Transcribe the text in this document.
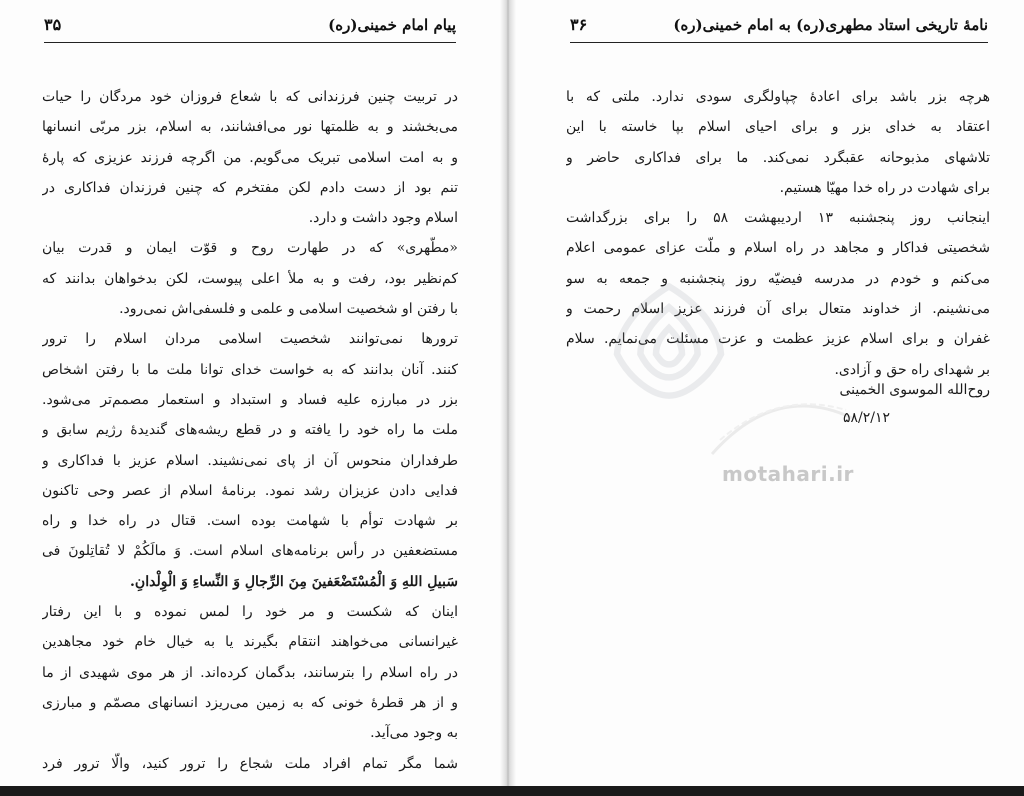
پیام امام خمینی(ره)
۳۵
در تربیت چنین فرزندانی که با شعاع فروزان خود مردگان را حیات
می‌بخشند و به ظلمتها نور می‌افشانند، به اسلام، بزر مربّی انسانها
و به امت اسلامی تبریک می‌گویم. من اگرچه فرزند عزیزی که پارهٔ
تنم بود از دست دادم لکن مفتخرم که چنین فرزندان فداکاری در
اسلام وجود داشت و دارد.
«مطّهری» که در طهارت روح و قوّت ایمان و قدرت بیان
کم‌نظیر بود، رفت و به ملأ اعلی پیوست، لکن بدخواهان بدانند که
با رفتن او شخصیت اسلامی و علمی و فلسفی‌اش نمی‌رود.
ترورها نمی‌توانند شخصیت اسلامی مردان اسلام را ترور
کنند. آنان بدانند که به خواست خدای توانا ملت ما با رفتن اشخاص
بزر در مبارزه علیه فساد و استبداد و استعمار مصمم‌تر می‌شود.
ملت ما راه خود را یافته و در قطع ریشه‌های گندیدهٔ رژیم سابق و
طرفداران منحوس آن از پای نمی‌نشیند. اسلام عزیز با فداکاری و
فدایی دادن عزیزان رشد نمود. برنامهٔ اسلام از عصر وحی تاکنون
بر شهادت توأم با شهامت بوده است. قتال در راه خدا و راه
مستضعفین در رأس برنامه‌های اسلام است. وَ مالَکُمْ لا تُقاتِلونَ فی
سَبیلِ اللهِ وَ الْمُسْتَضْعَفینَ مِنَ الرِّجالِ وَ النِّساءِ وَ الْوِلْدانِ.
اینان که شکست و مر خود را لمس نموده و با این رفتار
غیرانسانی می‌خواهند انتقام بگیرند یا به خیال خام خود مجاهدین
در راه اسلام را بترسانند، بدگمان کرده‌اند. از هر موی شهیدی از ما
و از هر قطرهٔ خونی که به زمین می‌ریزد انسانهای مصمّم و مبارزی
به وجود می‌آید.
شما مگر تمام افراد ملت شجاع را ترور کنید، والّا ترور فرد
نامهٔ تاریخی استاد مطهری(ره) به امام خمینی(ره)
۳۶
هرچه بزر باشد برای اعادهٔ چپاولگری سودی ندارد. ملتی که با
اعتقاد به خدای بزر و برای احیای اسلام بپا خاسته با این
تلاشهای مذبوحانه عقبگرد نمی‌کند. ما برای فداکاری حاضر و
برای شهادت در راه خدا مهیّا هستیم.
اینجانب روز پنجشنبه ۱۳ اردیبهشت ۵۸ را برای بزرگداشت
شخصیتی فداکار و مجاهد در راه اسلام و ملّت عزای عمومی اعلام
می‌کنم و خودم در مدرسه فیضیّه روز پنجشنبه و جمعه به سو
می‌نشینم. از خداوند متعال برای آن فرزند عزیز اسلام رحمت و
غفران و برای اسلام عزیز عظمت و عزت مسئلت می‌نمایم. سلام
بر شهدای راه حق و آزادی.
motahari.ir
روح‌الله الموسوی الخمینی
۵۸/۲/۱۲
